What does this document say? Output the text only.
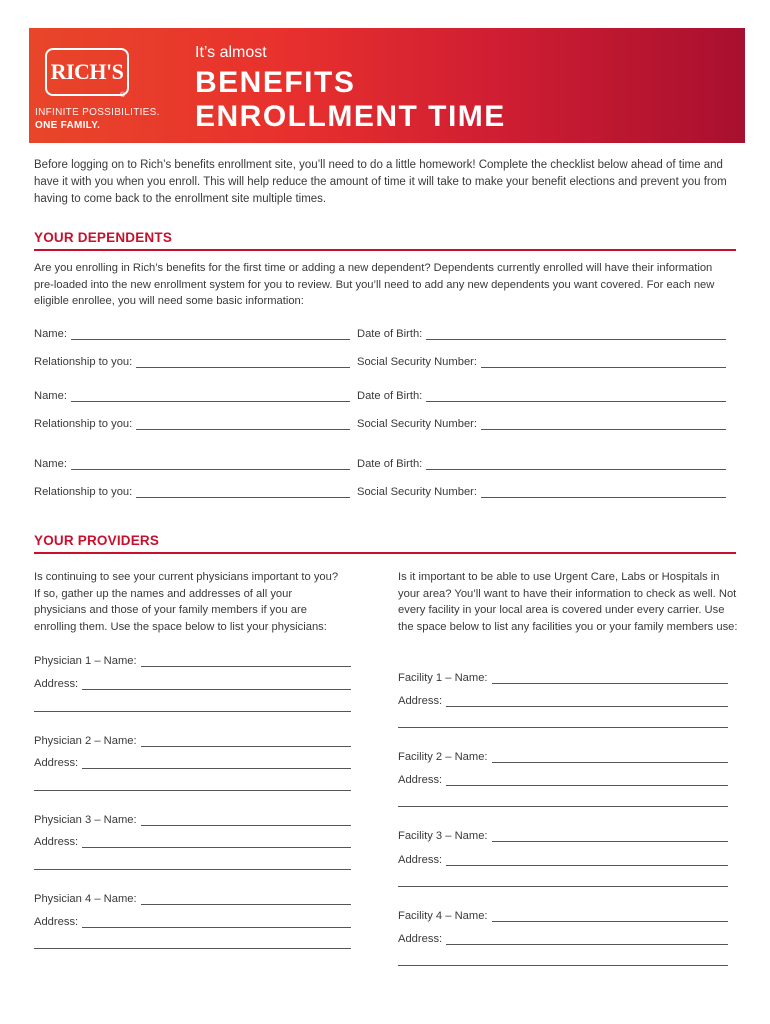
RICH'S
®
INFINITE POSSIBILITIES.
ONE FAMILY.
It’s almost
BENEFITS
ENROLLMENT TIME

Before logging on to Rich’s benefits enrollment site, you’ll need to do a little homework! Complete the checklist below ahead of time and have it with you when you enroll. This will help reduce the amount of time it will take to make your benefit elections and prevent you from having to come back to the enrollment site multiple times.

YOUR DEPENDENTS

Are you enrolling in Rich’s benefits for the first time or adding a new dependent? Dependents currently enrolled will have their information pre-loaded into the new enrollment system for you to review. But you’ll need to add any new dependents you want covered. For each new eligible enrollee, you will need some basic information:

Name:	Date of Birth:
Relationship to you:	Social Security Number:
Name:	Date of Birth:
Relationship to you:	Social Security Number:
Name:	Date of Birth:
Relationship to you:	Social Security Number:
YOUR PROVIDERS

Is continuing to see your current physicians important to you? If so, gather up the names and addresses of all your physicians and those of your family members if you are enrolling them. Use the space below to list your physicians:

Is it important to be able to use Urgent Care, Labs or Hospitals in your area? You’ll want to have their information to check as well. Not every facility in your local area is covered under every carrier. Use the space below to list any facilities you or your family members use:

Physician 1 – Name:
Address:
Physician 2 – Name:
Address:
Physician 3 – Name:
Address:
Physician 4 – Name:
Address:
Facility 1 – Name:
Address:
Facility 2 – Name:
Address:
Facility 3 – Name:
Address:
Facility 4 – Name:
Address:
